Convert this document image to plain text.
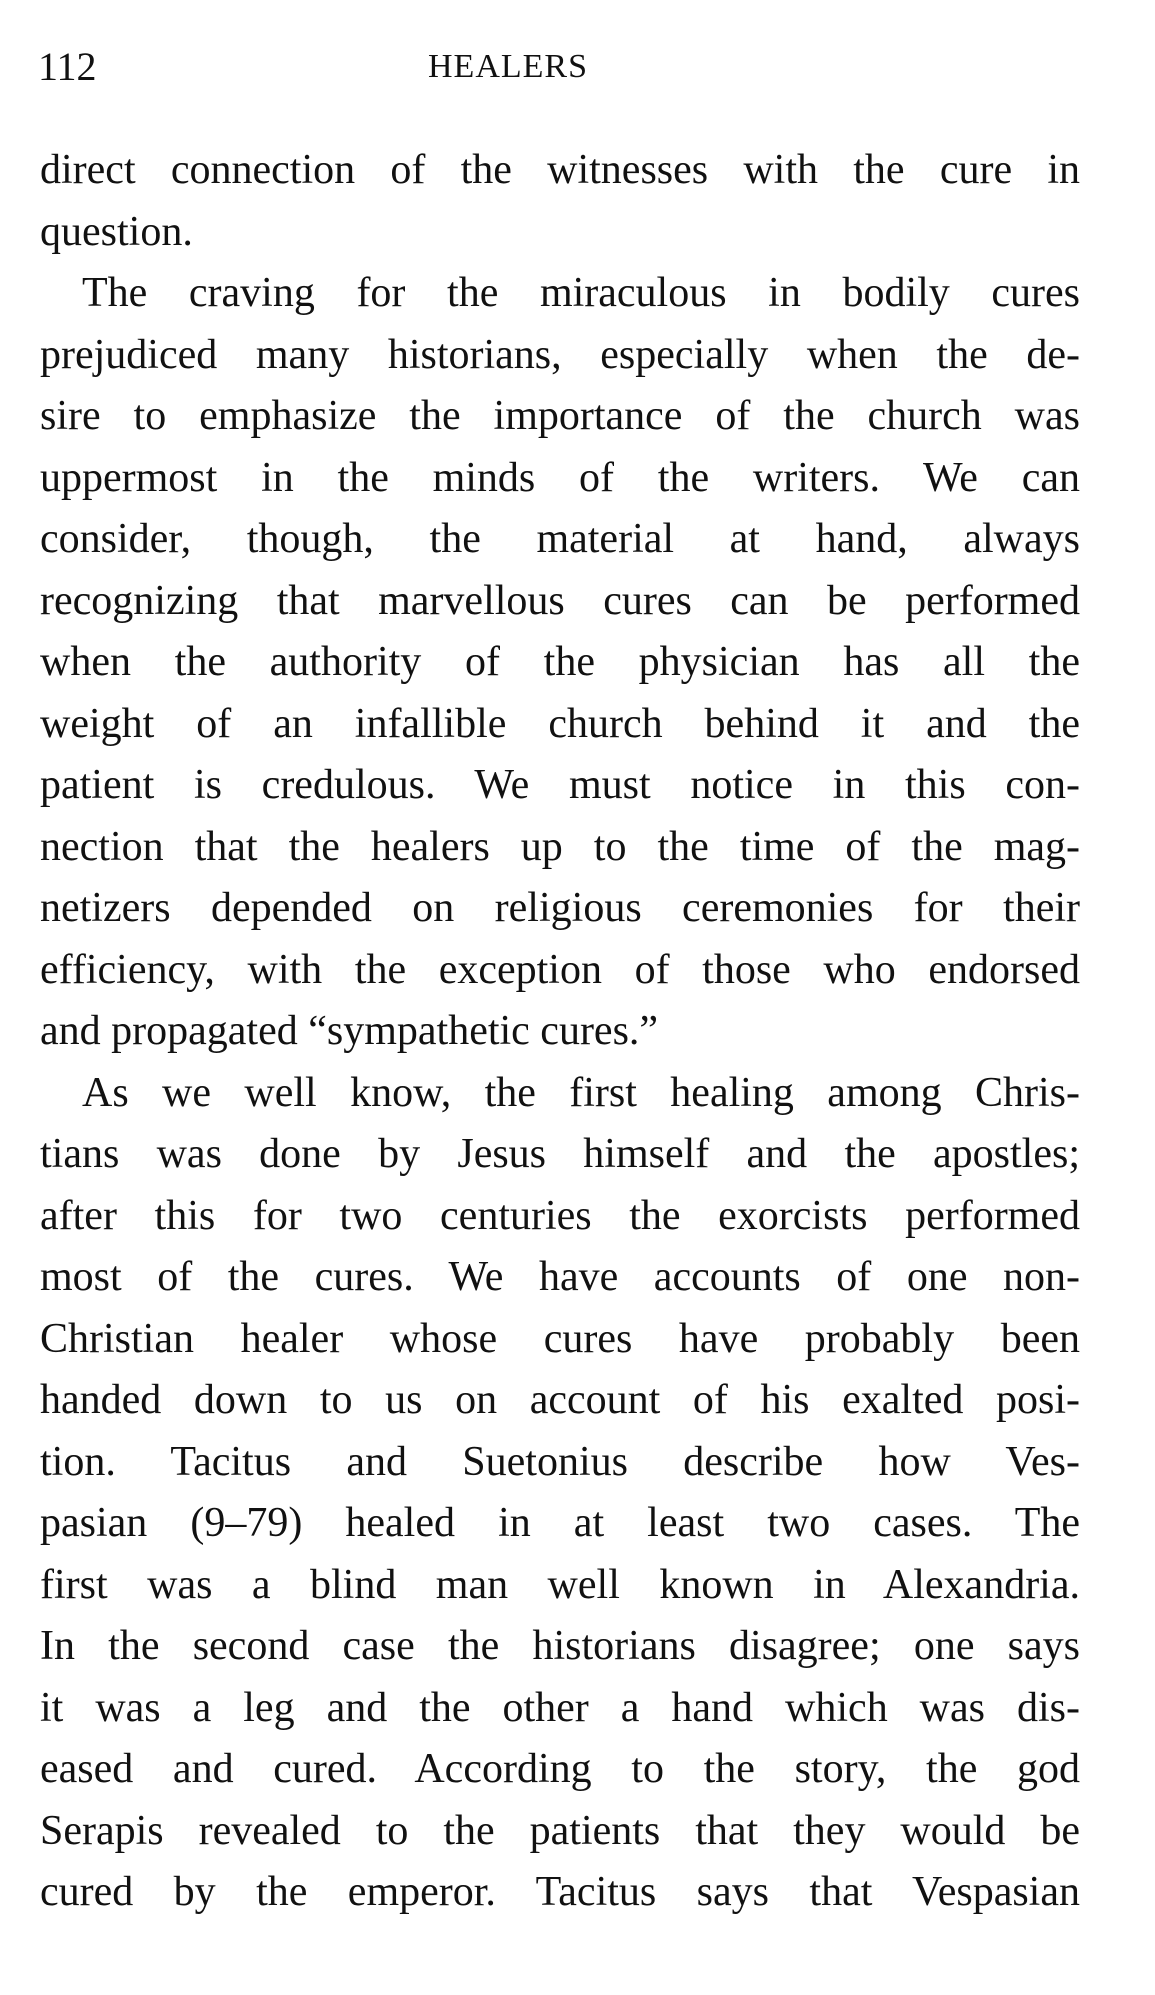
112	HEALERS
direct connection of the witnesses with the cure in
question.
The craving for the miraculous in bodily cures
prejudiced many historians, especially when the de-
sire to emphasize the importance of the church was
uppermost in the minds of the writers. We can
consider, though, the material at hand, always
recognizing that marvellous cures can be performed
when the authority of the physician has all the
weight of an infallible church behind it and the
patient is credulous. We must notice in this con-
nection that the healers up to the time of the mag-
netizers depended on religious ceremonies for their
efficiency, with the exception of those who endorsed
and propagated “sympathetic cures.”
As we well know, the first healing among Chris-
tians was done by Jesus himself and the apostles;
after this for two centuries the exorcists performed
most of the cures. We have accounts of one non-
Christian healer whose cures have probably been
handed down to us on account of his exalted posi-
tion. Tacitus and Suetonius describe how Ves-
pasian (9–79) healed in at least two cases. The
first was a blind man well known in Alexandria.
In the second case the historians disagree; one says
it was a leg and the other a hand which was dis-
eased and cured. According to the story, the god
Serapis revealed to the patients that they would be
cured by the emperor. Tacitus says that Vespasian
